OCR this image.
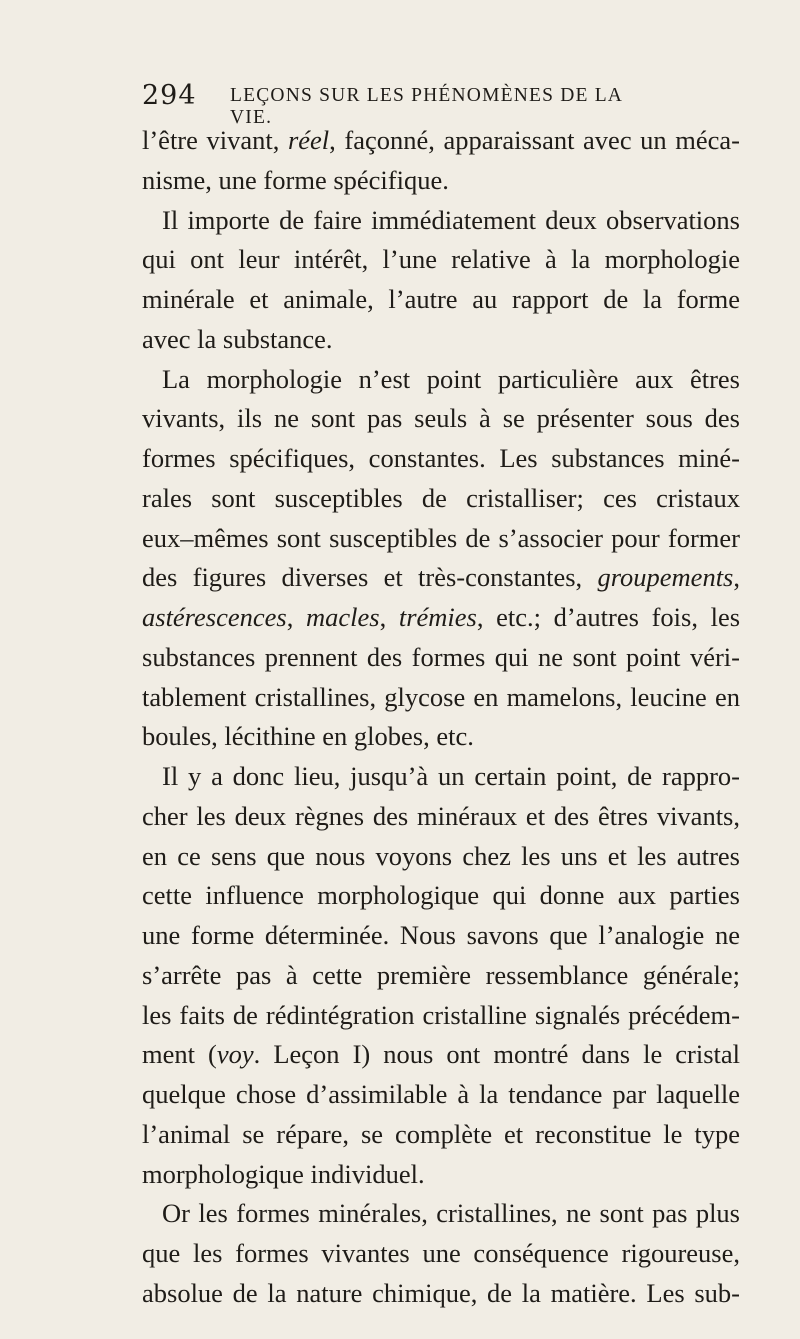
294 LEÇONS SUR LES PHÉNOMÈNES DE LA VIE.
l’être vivant, réel, façonné, apparaissant avec un méca-
nisme, une forme spécifique.
Il importe de faire immédiatement deux observations
qui ont leur intérêt, l’une relative à la morphologie
minérale et animale, l’autre au rapport de la forme
avec la substance.
La morphologie n’est point particulière aux êtres
vivants, ils ne sont pas seuls à se présenter sous des
formes spécifiques, constantes. Les substances miné-
rales sont susceptibles de cristalliser; ces cristaux
eux–mêmes sont susceptibles de s’associer pour former
des figures diverses et très-constantes, groupements,
astérescences, macles, trémies, etc.; d’autres fois, les
substances prennent des formes qui ne sont point véri-
tablement cristallines, glycose en mamelons, leucine en
boules, lécithine en globes, etc.
Il y a donc lieu, jusqu’à un certain point, de rappro-
cher les deux règnes des minéraux et des êtres vivants,
en ce sens que nous voyons chez les uns et les autres
cette influence morphologique qui donne aux parties
une forme déterminée. Nous savons que l’analogie ne
s’arrête pas à cette première ressemblance générale;
les faits de rédintégration cristalline signalés précédem-
ment (voy. Leçon I) nous ont montré dans le cristal
quelque chose d’assimilable à la tendance par laquelle
l’animal se répare, se complète et reconstitue le type
morphologique individuel.
Or les formes minérales, cristallines, ne sont pas plus
que les formes vivantes une conséquence rigoureuse,
absolue de la nature chimique, de la matière. Les sub-
